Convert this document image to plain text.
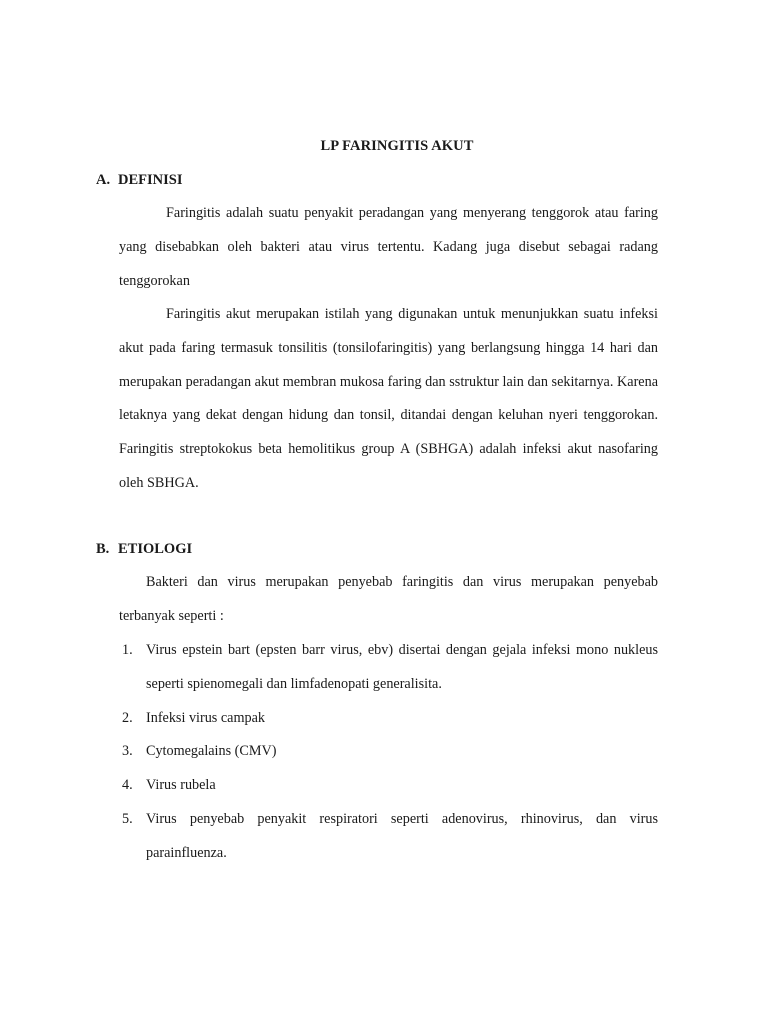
LP FARINGITIS AKUT
A. DEFINISI

Faringitis adalah suatu penyakit peradangan yang menyerang tenggorok atau faring yang disebabkan oleh bakteri atau virus tertentu. Kadang juga disebut sebagai radang tenggorokan

Faringitis akut merupakan istilah yang digunakan untuk menunjukkan suatu infeksi akut pada faring termasuk tonsilitis (tonsilofaringitis) yang berlangsung hingga 14 hari dan merupakan peradangan akut membran mukosa faring dan sstruktur lain dan sekitarnya. Karena letaknya yang dekat dengan hidung dan tonsil, ditandai dengan keluhan nyeri tenggorokan. Faringitis streptokokus beta hemolitikus group A (SBHGA) adalah infeksi akut nasofaring oleh SBHGA.

B. ETIOLOGI

Bakteri dan virus merupakan penyebab faringitis dan virus merupakan penyebab terbanyak seperti :

1. Virus epstein bart (epsten barr virus, ebv) disertai dengan gejala infeksi mono nukleus seperti spienomegali dan limfadenopati generalisita.
2. Infeksi virus campak
3. Cytomegalains (CMV)
4. Virus rubela
5. Virus penyebab penyakit respiratori seperti adenovirus, rhinovirus, dan virus parainfluenza.
